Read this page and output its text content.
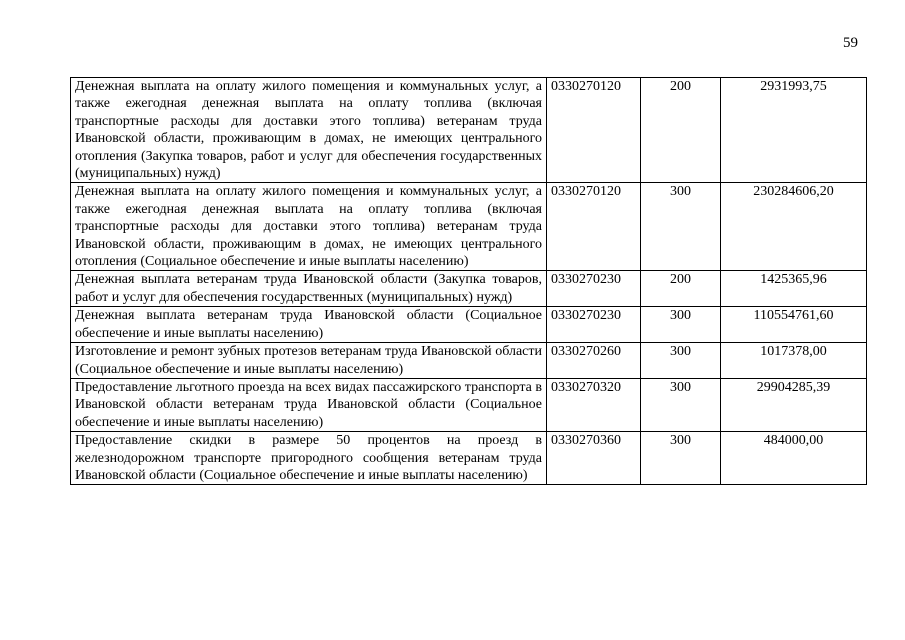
59
Денежная выплата на оплату жилого помещения и коммунальных услуг, а также ежегодная денежная выплата на оплату топлива (включая транспортные расходы для доставки этого топлива) ветеранам труда Ивановской области, проживающим в домах, не имеющих центрального отопления (Закупка товаров, работ и услуг для обеспечения государственных (муниципальных) нужд)	0330270120	200	2931993,75
Денежная выплата на оплату жилого помещения и коммунальных услуг, а также ежегодная денежная выплата на оплату топлива (включая транспортные расходы для доставки этого топлива) ветеранам труда Ивановской области, проживающим в домах, не имеющих центрального отопления (Социальное обеспечение и иные выплаты населению)	0330270120	300	230284606,20
Денежная выплата ветеранам труда Ивановской области (Закупка товаров, работ и услуг для обеспечения государственных (муниципальных) нужд)	0330270230	200	1425365,96
Денежная выплата ветеранам труда Ивановской области (Социальное обеспечение и иные выплаты населению)	0330270230	300	110554761,60
Изготовление и ремонт зубных протезов ветеранам труда Ивановской области (Социальное обеспечение и иные выплаты населению)	0330270260	300	1017378,00
Предоставление льготного проезда на всех видах пассажирского транспорта в Ивановской области ветеранам труда Ивановской области (Социальное обеспечение и иные выплаты населению)	0330270320	300	29904285,39
Предоставление скидки в размере 50 процентов на проезд в железнодорожном транспорте пригородного сообщения ветеранам труда Ивановской области (Социальное обеспечение и иные выплаты населению)	0330270360	300	484000,00
